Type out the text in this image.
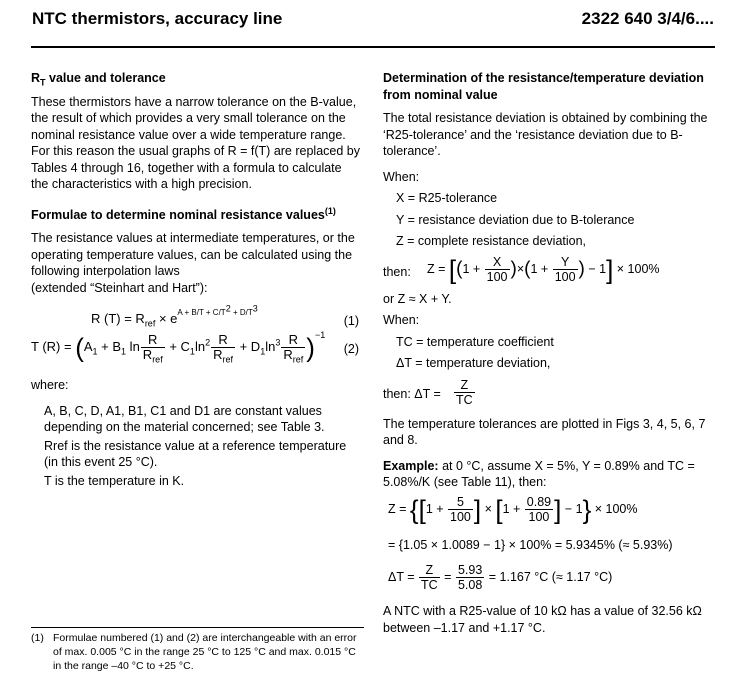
NTC thermistors, accuracy line	2322 640 3/4/6....
$R_T$ value and tolerance

These thermistors have a narrow tolerance on the B-value, the result of which provides a very small tolerance on the nominal resistance value over a wide temperature range. For this reason the usual graphs of R = f(T) are replaced by Tables 4 through 16, together with a formula to calculate the characteristics with a high precision.

Formulae to determine nominal resistance values$^{(1)}$

The resistance values at intermediate temperatures, or the operating temperature values, can be calculated using the following interpolation laws

(extended “Steinhart and Hart”):

R $(T) = R_{ref} \times e^{A + B/T + C/T^2 + D/T^3}$
(1)
T $(R) = (A_1 + B_1$ $\ln \frac{R}{R_{ref}} + C_1\ln^2 \frac{R}{R_{ref}} + D_1\ln^3 \frac{R}{R_{ref}} )^{-1}$
(2)

where:

A, B, C, D, A1, B1, C1 and D1 are constant values depending on the material concerned; see Table 3.

Rref is the resistance value at a reference temperature (in this event 25 °C).

T is the temperature in K.

(1) Formulae numbered (1) and (2) are interchangeable with an error of max. 0.005 °C in the range 25 °C to 125 °C and max. 0.015 °C in the range –40 °C to +25 °C.
Determination of the resistance/temperature deviation from nominal value

The total resistance deviation is obtained by combining the ‘R25-tolerance’ and the ‘resistance deviation due to B-tolerance’.

When:

X = R25-tolerance

Y = resistance deviation due to B-tolerance

Z = complete resistance deviation,

then: $Z = [(1 + \frac{X}{100} )\times(1 + \frac{Y}{100}$ ) − 1] × 100%

or Z ≈ X + Y.

When:

TC = temperature coefficient

ΔT = temperature deviation,

then: $\Delta T = \frac{Z}{TC}$

The temperature tolerances are plotted in Figs 3, 4, 5, 6, 7 and 8.

Example: at 0 °C, assume X = 5%, Y = 0.89% and TC = 5.08%/K (see Table 11), then:

$Z = \{[1 + \frac{5}{100}$ ] × [$1 + \frac{0.89}{100}$ ] − 1} × 100%

= {1.05 × 1.0089 − 1} × 100% = 5.9345% (≈ 5.93%)

$\Delta T = \frac{Z}{TC} = \frac{5.93}{5.08} = 1.167$ °C (≈ 1.17 °C)

A NTC with a R25-value of 10 kΩ has a value of 32.56 kΩ between –1.17 and +1.17 °C.
